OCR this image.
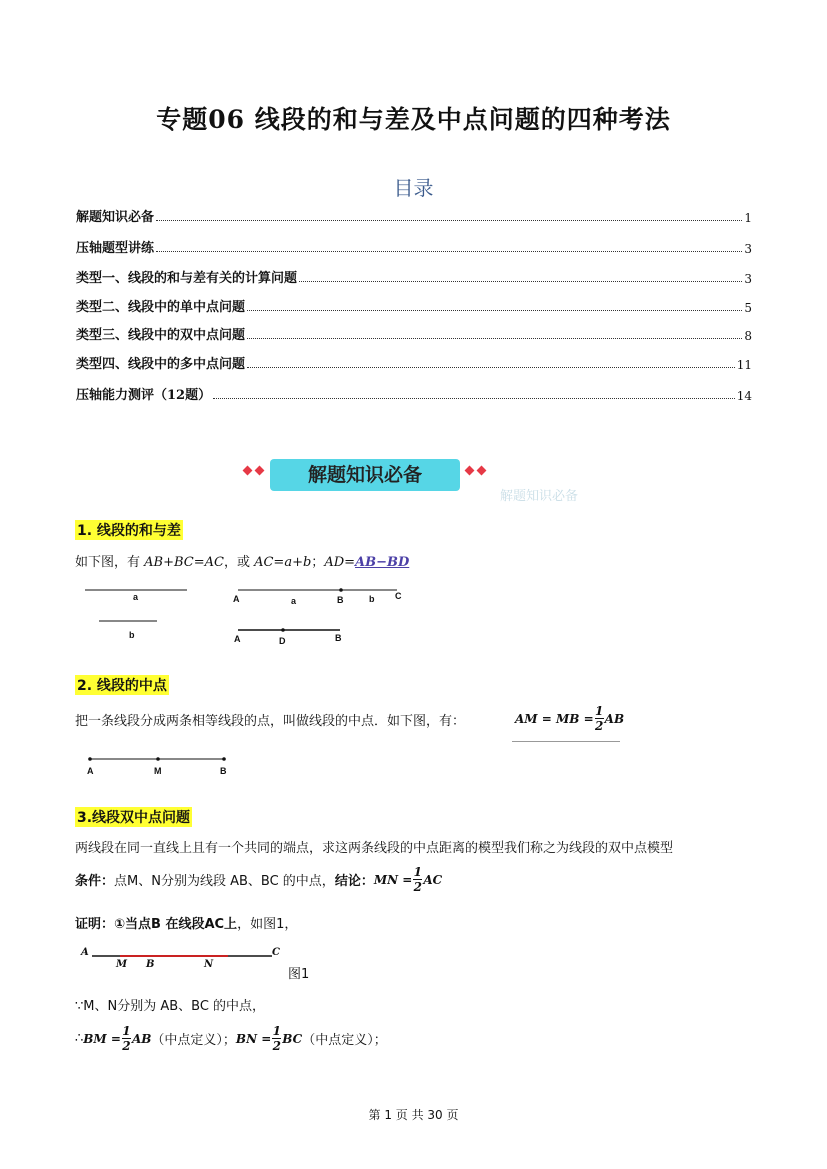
专题06 线段的和与差及中点问题的四种考法
目录
解题知识必备	1
压轴题型讲练	3
类型一、线段的和与差有关的计算问题	3
类型二、线段中的单中点问题	5
类型三、线段中的双中点问题	8
类型四、线段中的多中点问题	11
压轴能力测评（12题）	14
解题知识必备
解题知识必备
1. 线段的和与差
如下图，有 AB+BC=AC，或 AC=a+b；AD=AB−BD
a
b
A	a	B	b C
A	D	B
2. 线段的中点
把一条线段分成两条相等线段的点，叫做线段的中点．如下图，有：	AM = MB = $\frac{1}{2}$ AB
A	M	B
3.线段双中点问题
两线段在同一直线上且有一个共同的端点，求这两条线段的中点距离的模型我们称之为线段的双中点模型
条件： 点M、N分别为线段 AB、BC 的中点， 结论： MN = $\frac{1}{2}$ AC
证明：①当点B 在线段AC上，如图1，
A	C
M B	N
图1
∵M、N分别为 AB、BC 的中点，
∴ BM = $\frac{1}{2}$ AB （中点定义）； BN = $\frac{1}{2}$ BC （中点定义）；
第 1 页 共 30 页
